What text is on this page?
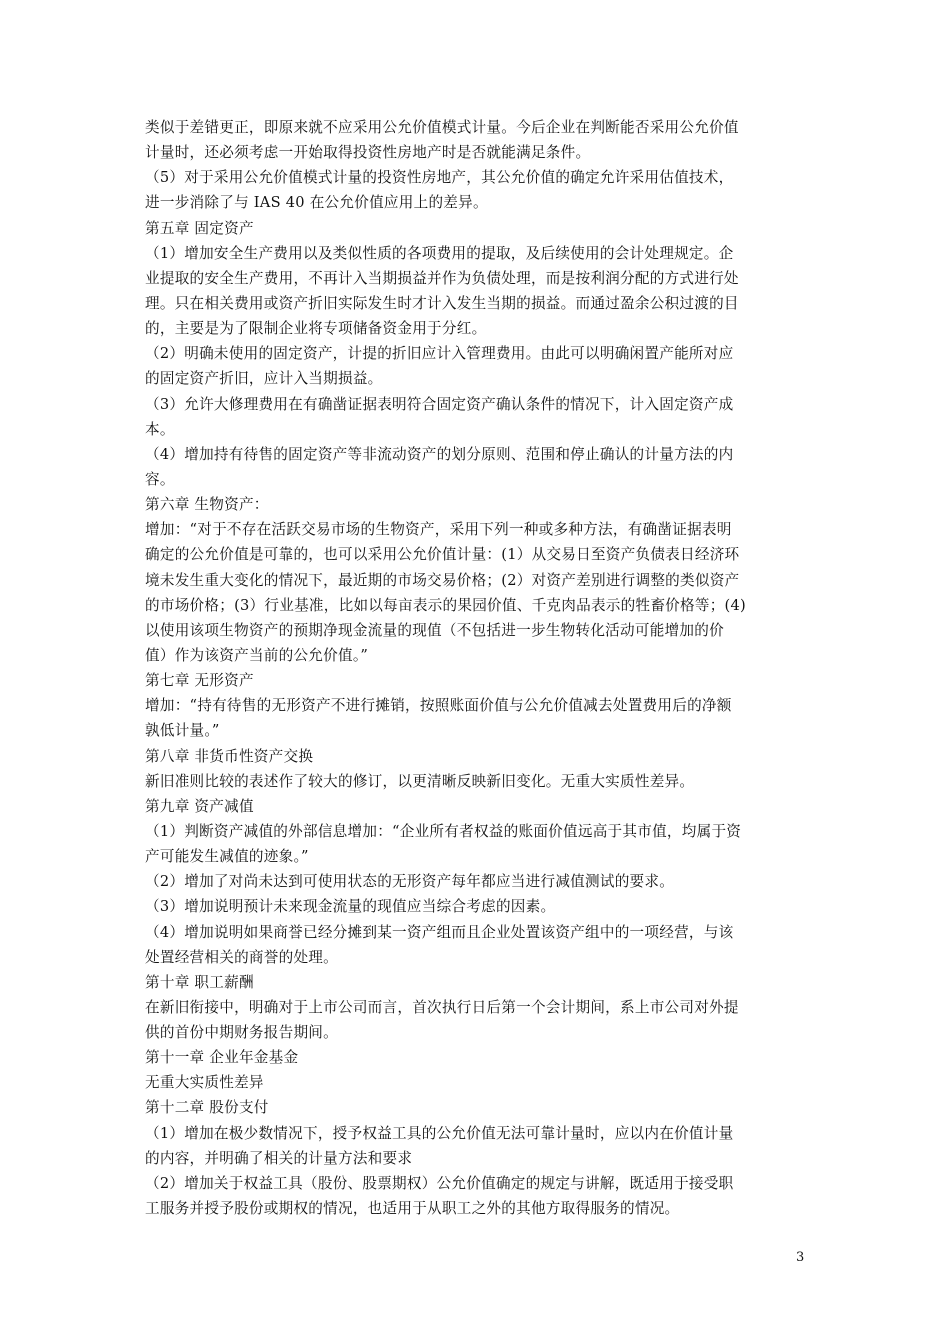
类似于差错更正，即原来就不应采用公允价值模式计量。今后企业在判断能否采用公允价值
计量时，还必须考虑一开始取得投资性房地产时是否就能满足条件。
（5）对于采用公允价值模式计量的投资性房地产，其公允价值的确定允许采用估值技术，
进一步消除了与 IAS 40 在公允价值应用上的差异。
第五章 固定资产
（1）增加安全生产费用以及类似性质的各项费用的提取，及后续使用的会计处理规定。企
业提取的安全生产费用，不再计入当期损益并作为负债处理，而是按利润分配的方式进行处
理。只在相关费用或资产折旧实际发生时才计入发生当期的损益。而通过盈余公积过渡的目
的，主要是为了限制企业将专项储备资金用于分红。
（2）明确未使用的固定资产，计提的折旧应计入管理费用。由此可以明确闲置产能所对应
的固定资产折旧，应计入当期损益。
（3）允许大修理费用在有确凿证据表明符合固定资产确认条件的情况下，计入固定资产成
本。
（4）增加持有待售的固定资产等非流动资产的划分原则、范围和停止确认的计量方法的内
容。
第六章 生物资产：
增加：“对于不存在活跃交易市场的生物资产，采用下列一种或多种方法，有确凿证据表明
确定的公允价值是可靠的，也可以采用公允价值计量：(1）从交易日至资产负债表日经济环
境未发生重大变化的情况下，最近期的市场交易价格；(2）对资产差别进行调整的类似资产
的市场价格；(3）行业基准，比如以每亩表示的果园价值、千克肉品表示的牲畜价格等；(4)
以使用该项生物资产的预期净现金流量的现值（不包括进一步生物转化活动可能增加的价
值）作为该资产当前的公允价值。”
第七章 无形资产
增加：“持有待售的无形资产不进行摊销，按照账面价值与公允价值减去处置费用后的净额
孰低计量。”
第八章 非货币性资产交换
新旧准则比较的表述作了较大的修订，以更清晰反映新旧变化。无重大实质性差异。
第九章 资产减值
（1）判断资产减值的外部信息增加：“企业所有者权益的账面价值远高于其市值，均属于资
产可能发生减值的迹象。”
（2）增加了对尚未达到可使用状态的无形资产每年都应当进行减值测试的要求。
（3）增加说明预计未来现金流量的现值应当综合考虑的因素。
（4）增加说明如果商誉已经分摊到某一资产组而且企业处置该资产组中的一项经营，与该
处置经营相关的商誉的处理。
第十章 职工薪酬
在新旧衔接中，明确对于上市公司而言，首次执行日后第一个会计期间，系上市公司对外提
供的首份中期财务报告期间。
第十一章 企业年金基金
无重大实质性差异
第十二章 股份支付
（1）增加在极少数情况下，授予权益工具的公允价值无法可靠计量时，应以内在价值计量
的内容，并明确了相关的计量方法和要求
（2）增加关于权益工具（股份、股票期权）公允价值确定的规定与讲解，既适用于接受职
工服务并授予股份或期权的情况，也适用于从职工之外的其他方取得服务的情况。
3
